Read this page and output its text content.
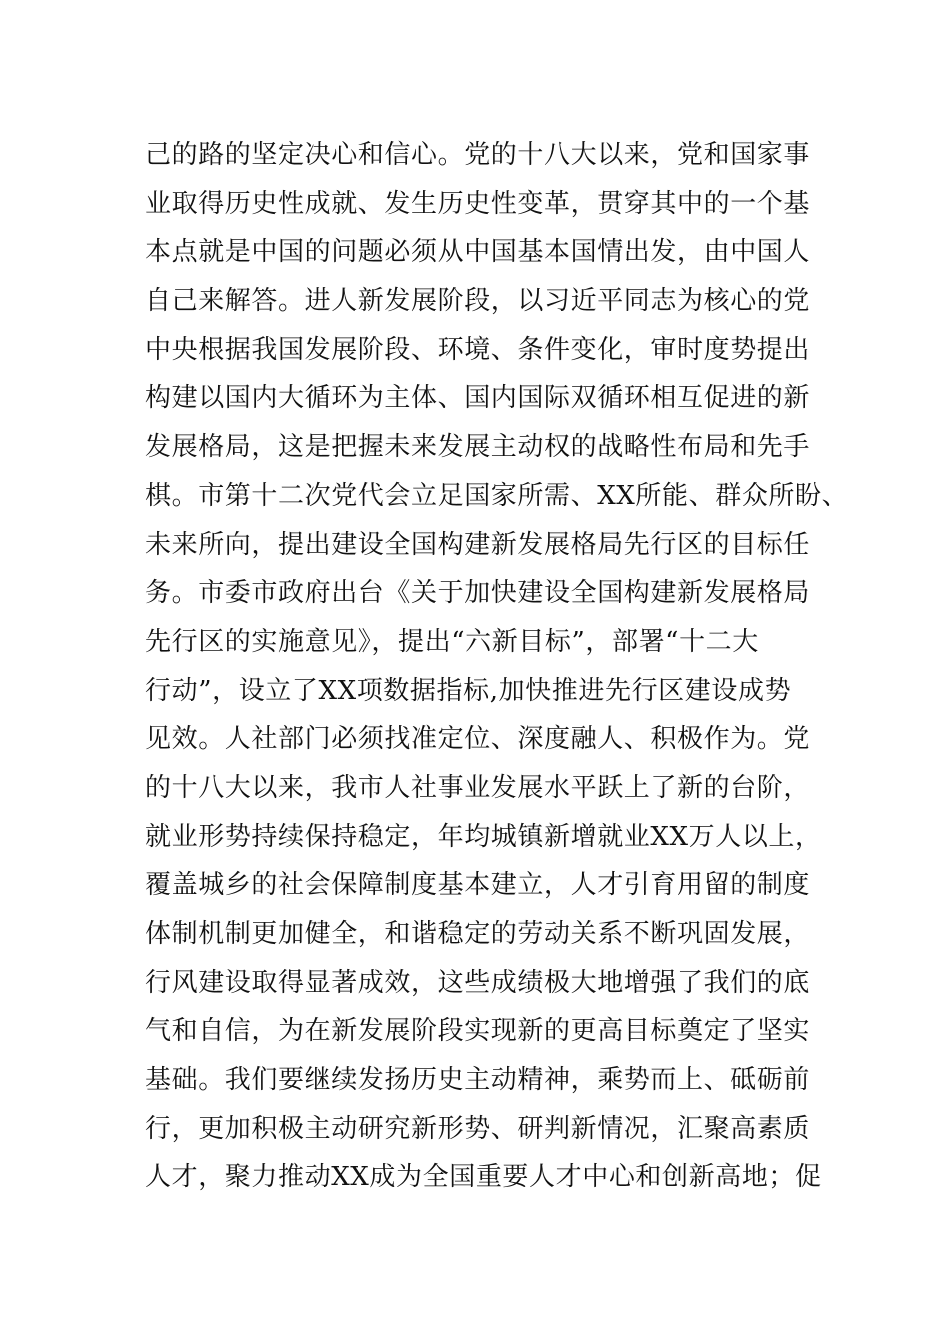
己的路的坚定决心和信心。党的十八大以来，党和国家事
业取得历史性成就、发生历史性变革，贯穿其中的一个基
本点就是中国的问题必须从中国基本国情出发，由中国人
自己来解答。进人新发展阶段，以习近平同志为核心的党
中央根据我国发展阶段、环境、条件变化，审时度势提出
构建以国内大循环为主体、国内国际双循环相互促进的新
发展格局，这是把握未来发展主动权的战略性布局和先手
棋。市第十二次党代会立足国家所需、XX所能、群众所盼、
未来所向，提出建设全国构建新发展格局先行区的目标任
务。市委市政府出台《关于加快建设全国构建新发展格局
先行区的实施意见》，提出“六新目标”，部署“十二大
行动”，设立了XX项数据指标,加快推进先行区建设成势
见效。人社部门必须找准定位、深度融人、积极作为。党
的十八大以来，我市人社事业发展水平跃上了新的台阶，
就业形势持续保持稳定，年均城镇新增就业XX万人以上，
覆盖城乡的社会保障制度基本建立，人才引育用留的制度
体制机制更加健全，和谐稳定的劳动关系不断巩固发展，
行风建设取得显著成效，这些成绩极大地增强了我们的底
气和自信，为在新发展阶段实现新的更高目标奠定了坚实
基础。我们要继续发扬历史主动精神，乘势而上、砥砺前
行，更加积极主动研究新形势、研判新情况，汇聚高素质
人才，聚力推动XX成为全国重要人才中心和创新高地；促
